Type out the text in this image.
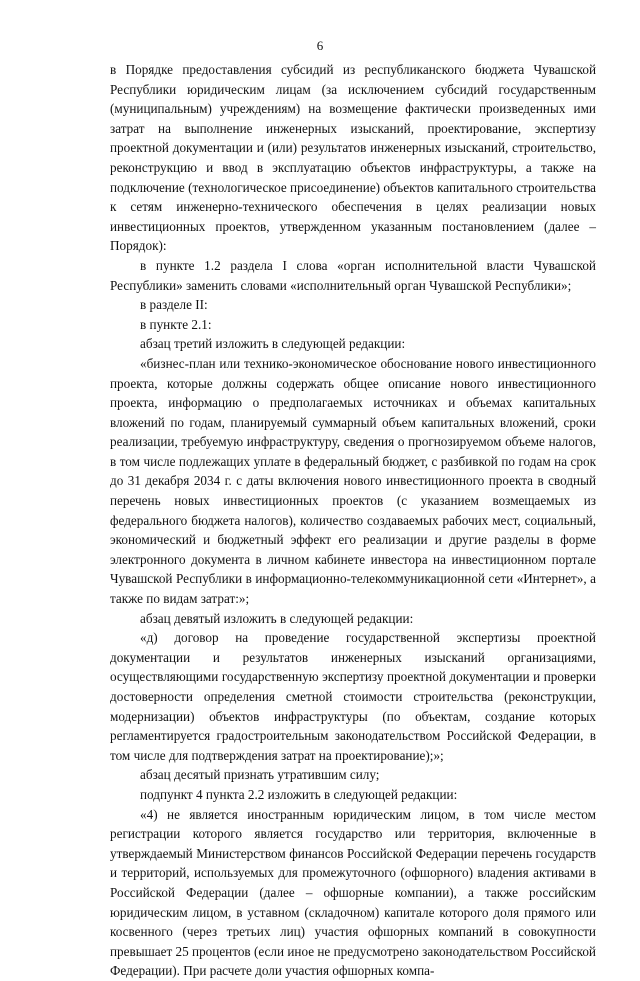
6

в Порядке предоставления субсидий из республиканского бюджета Чувашской Республики юридическим лицам (за исключением субсидий государственным (муниципальным) учреждениям) на возмещение фактически произведенных ими затрат на выполнение инженерных изысканий, проектирование, экспертизу проектной документации и (или) результатов инженерных изысканий, строительство, реконструкцию и ввод в эксплуатацию объектов инфраструктуры, а также на подключение (технологическое присоединение) объектов капитального строительства к сетям инженерно-технического обеспечения в целях реализации новых инвестиционных проектов, утвержденном указанным постановлением (далее – Порядок):

в пункте 1.2 раздела I слова «орган исполнительной власти Чувашской Республики» заменить словами «исполнительный орган Чувашской Республики»;

в разделе II:

в пункте 2.1:

абзац третий изложить в следующей редакции:

«бизнес-план или технико-экономическое обоснование нового инвестиционного проекта, которые должны содержать общее описание нового инвестиционного проекта, информацию о предполагаемых источниках и объемах капитальных вложений по годам, планируемый суммарный объем капитальных вложений, сроки реализации, требуемую инфраструктуру, сведения о прогнозируемом объеме налогов, в том числе подлежащих уплате в федеральный бюджет, с разбивкой по годам на срок до 31 декабря 2034 г. с даты включения нового инвестиционного проекта в сводный перечень новых инвестиционных проектов (с указанием возмещаемых из федерального бюджета налогов), количество создаваемых рабочих мест, социальный, экономический и бюджетный эффект его реализации и другие разделы в форме электронного документа в личном кабинете инвестора на инвестиционном портале Чувашской Республики в информационно-телекоммуникационной сети «Интернет», а также по видам затрат:»;

абзац девятый изложить в следующей редакции:

«д) договор на проведение государственной экспертизы проектной документации и результатов инженерных изысканий организациями, осуществляющими государственную экспертизу проектной документации и проверки достоверности определения сметной стоимости строительства (реконструкции, модернизации) объектов инфраструктуры (по объектам, создание которых регламентируется градостроительным законодательством Российской Федерации, в том числе для подтверждения затрат на проектирование);»;

абзац десятый признать утратившим силу;

подпункт 4 пункта 2.2 изложить в следующей редакции:

«4) не является иностранным юридическим лицом, в том числе местом регистрации которого является государство или территория, включенные в утверждаемый Министерством финансов Российской Федерации перечень государств и территорий, используемых для промежуточного (офшорного) владения активами в Российской Федерации (далее – офшорные компании), а также российским юридическим лицом, в уставном (складочном) капитале которого доля прямого или косвенного (через третьих лиц) участия офшорных компаний в совокупности превышает 25 процентов (если иное не предусмотрено законодательством Российской Федерации). При расчете доли участия офшорных компа-
